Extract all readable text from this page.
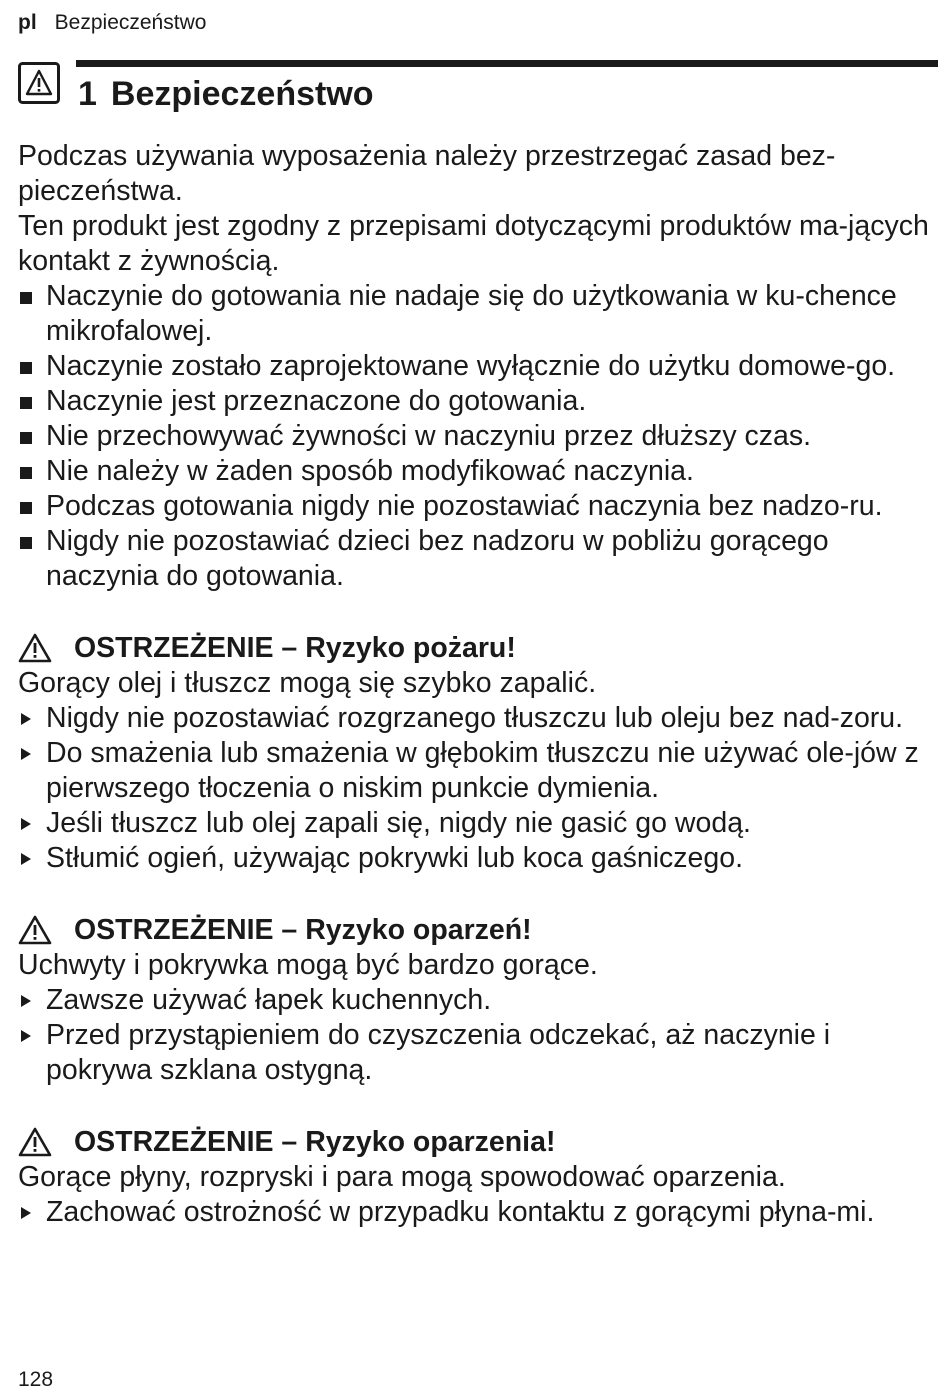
pl Bezpieczeństwo
1 Bezpieczeństwo

Podczas używania wyposażenia należy przestrzegać zasad bez-pieczeństwa.

Ten produkt jest zgodny z przepisami dotyczącymi produktów ma-jących kontakt z żywnością.

Naczynie do gotowania nie nadaje się do użytkowania w ku-chence mikrofalowej.
Naczynie zostało zaprojektowane wyłącznie do użytku domowe-go.
Naczynie jest przeznaczone do gotowania.
Nie przechowywać żywności w naczyniu przez dłuższy czas.
Nie należy w żaden sposób modyfikować naczynia.
Podczas gotowania nigdy nie pozostawiać naczynia bez nadzo-ru.
Nigdy nie pozostawiać dzieci bez nadzoru w pobliżu gorącego naczynia do gotowania.
OSTRZEŻENIE – Ryzyko pożaru!

Gorący olej i tłuszcz mogą się szybko zapalić.

Nigdy nie pozostawiać rozgrzanego tłuszczu lub oleju bez nad-zoru.
Do smażenia lub smażenia w głębokim tłuszczu nie używać ole-jów z pierwszego tłoczenia o niskim punkcie dymienia.
Jeśli tłuszcz lub olej zapali się, nigdy nie gasić go wodą.
Stłumić ogień, używając pokrywki lub koca gaśniczego.
OSTRZEŻENIE – Ryzyko oparzeń!

Uchwyty i pokrywka mogą być bardzo gorące.

Zawsze używać łapek kuchennych.
Przed przystąpieniem do czyszczenia odczekać, aż naczynie i pokrywa szklana ostygną.
OSTRZEŻENIE – Ryzyko oparzenia!

Gorące płyny, rozpryski i para mogą spowodować oparzenia.

Zachować ostrożność w przypadku kontaktu z gorącymi płyna-mi.
128
